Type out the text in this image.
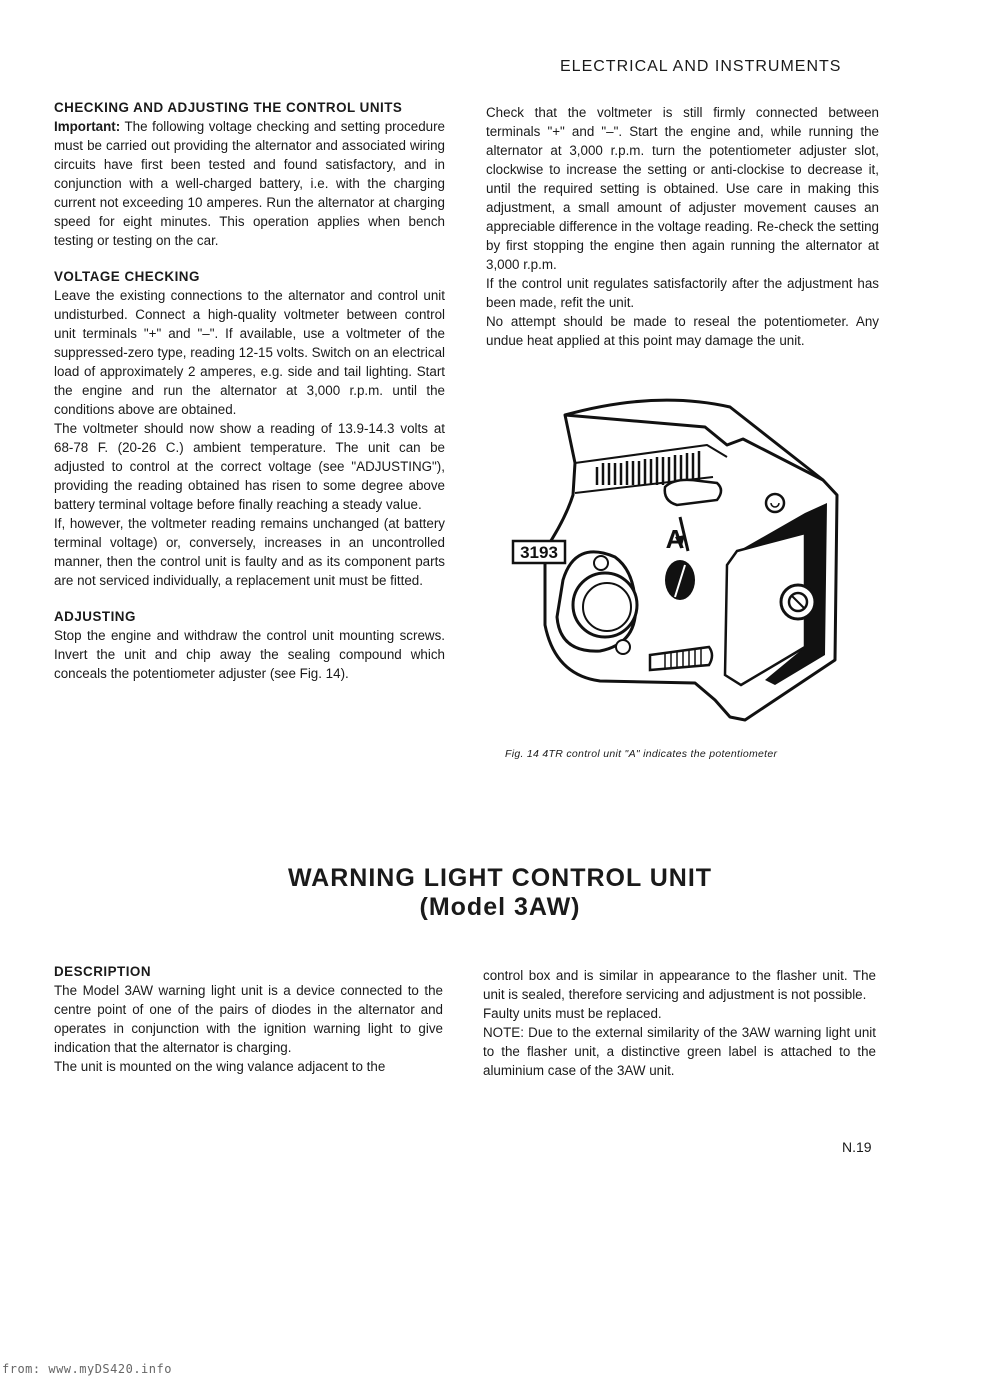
ELECTRICAL AND INSTRUMENTS

CHECKING AND ADJUSTING THE CONTROL UNITS

Important: The following voltage checking and setting procedure must be carried out providing the alternator and associated wiring circuits have first been tested and found satisfactory, and in conjunction with a well-charged battery, i.e. with the charging current not exceeding 10 amperes. Run the alternator at charging speed for eight minutes. This operation applies when bench testing or testing on the car.

VOLTAGE CHECKING

Leave the existing connections to the alternator and control unit undisturbed. Connect a high-quality voltmeter between control unit terminals "+" and "–". If available, use a voltmeter of the suppressed-zero type, reading 12-15 volts. Switch on an electrical load of approximately 2 amperes, e.g. side and tail lighting. Start the engine and run the alternator at 3,000 r.p.m. until the conditions above are obtained.

The voltmeter should now show a reading of 13.9-14.3 volts at 68-78 F. (20-26 C.) ambient temperature. The unit can be adjusted to control at the correct voltage (see "ADJUSTING"), providing the reading obtained has risen to some degree above battery terminal voltage before finally reaching a steady value.

If, however, the voltmeter reading remains unchanged (at battery terminal voltage) or, conversely, increases in an uncontrolled manner, then the control unit is faulty and as its component parts are not serviced individually, a replacement unit must be fitted.

ADJUSTING

Stop the engine and withdraw the control unit mounting screws. Invert the unit and chip away the sealing compound which conceals the potentiometer adjuster (see Fig. 14).

Check that the voltmeter is still firmly connected between terminals "+" and "–". Start the engine and, while running the alternator at 3,000 r.p.m. turn the potentiometer adjuster slot, clockwise to increase the setting or anti-clockise to decrease it, until the required setting is obtained. Use care in making this adjustment, a small amount of adjuster movement causes an appreciable difference in the voltage reading. Re-check the setting by first stopping the engine then again running the alternator at 3,000 r.p.m.

If the control unit regulates satisfactorily after the adjustment has been made, refit the unit.

No attempt should be made to reseal the potentiometer. Any undue heat applied at this point may damage the unit.

3193	A
Fig. 14 4TR control unit "A" indicates the potentiometer
WARNING LIGHT CONTROL UNIT
(Model 3AW)

DESCRIPTION

The Model 3AW warning light unit is a device connected to the centre point of one of the pairs of diodes in the alternator and operates in conjunction with the ignition warning light to give indication that the alternator is charging.

The unit is mounted on the wing valance adjacent to the

control box and is similar in appearance to the flasher unit. The unit is sealed, therefore servicing and adjustment is not possible.

Faulty units must be replaced.

NOTE: Due to the external similarity of the 3AW warning light unit to the flasher unit, a distinctive green label is attached to the aluminium case of the 3AW unit.

N.19
from: www.myDS420.info
